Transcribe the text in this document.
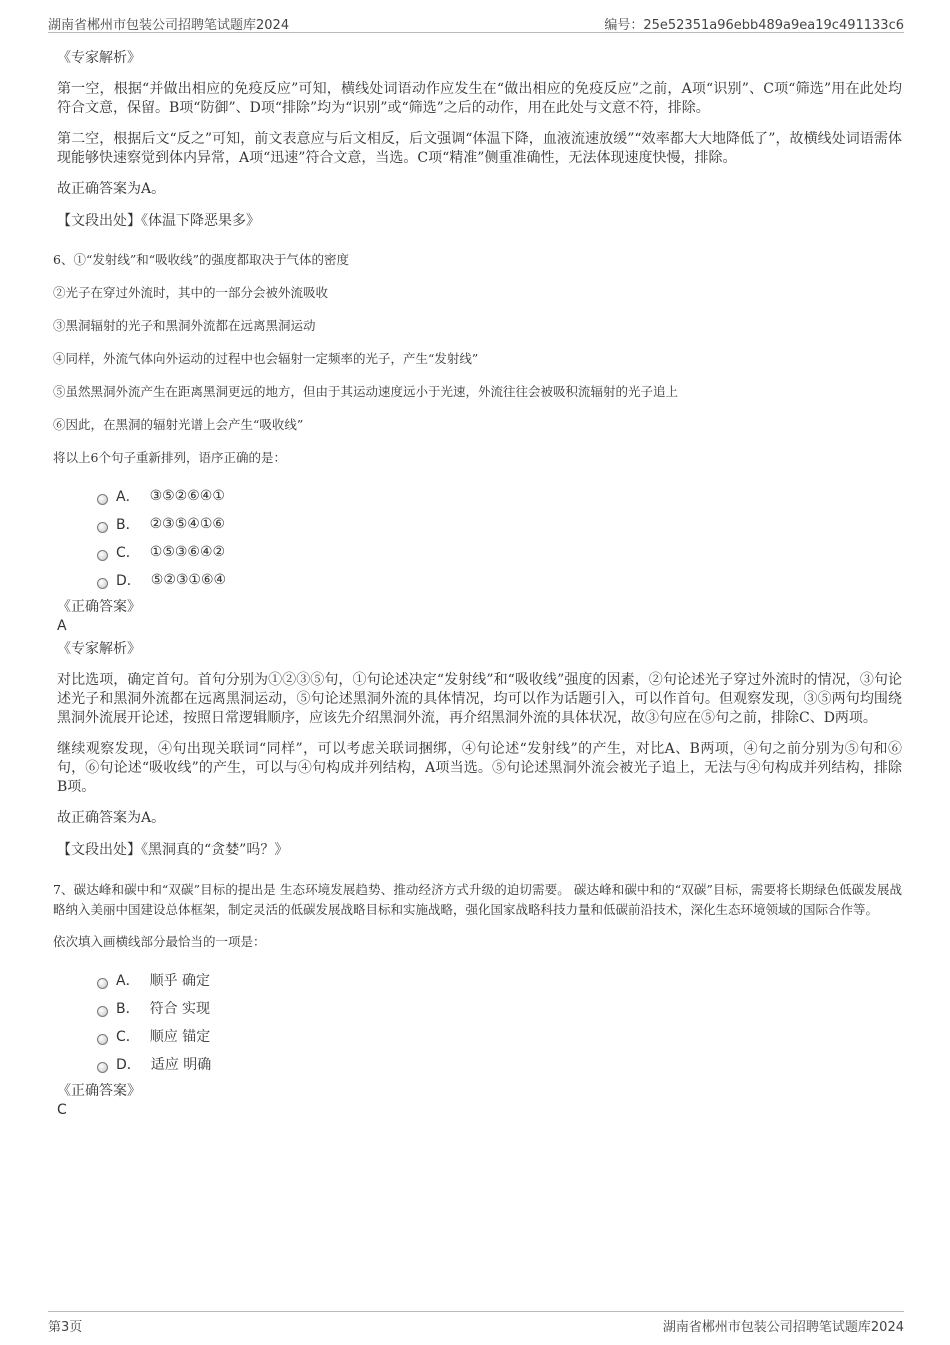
湖南省郴州市包装公司招聘笔试题库2024	编号：25e52351a96ebb489a9ea19c491133c6
《专家解析》

第一空，根据“并做出相应的免疫反应”可知，横线处词语动作应发生在“做出相应的免疫反应”之前，A项“识别”、C项“筛选”用在此处均符合文意，保留。B项“防御”、D项“排除”均为“识别”或“筛选”之后的动作，用在此处与文意不符，排除。

第二空，根据后文“反之”可知，前文表意应与后文相反，后文强调“体温下降，血液流速放缓”“效率都大大地降低了”，故横线处词语需体现能够快速察觉到体内异常，A项“迅速”符合文意，当选。C项“精准”侧重准确性，无法体现速度快慢，排除。

故正确答案为A。

【文段出处】《体温下降恶果多》
6、①“发射线”和“吸收线”的强度都取决于气体的密度
②光子在穿过外流时，其中的一部分会被外流吸收
③黑洞辐射的光子和黑洞外流都在远离黑洞运动
④同样，外流气体向外运动的过程中也会辐射一定频率的光子，产生“发射线”
⑤虽然黑洞外流产生在距离黑洞更远的地方，但由于其运动速度远小于光速，外流往往会被吸积流辐射的光子追上
⑥因此，在黑洞的辐射光谱上会产生“吸收线”
将以上6个句子重新排列，语序正确的是：
A． ③⑤②⑥④①
B． ②③⑤④①⑥
C． ①⑤③⑥④②
D． ⑤②③①⑥④
《正确答案》
A
《专家解析》

对比选项，确定首句。首句分别为①②③⑤句，①句论述决定“发射线”和“吸收线”强度的因素，②句论述光子穿过外流时的情况，③句论述光子和黑洞外流都在远离黑洞运动，⑤句论述黑洞外流的具体情况，均可以作为话题引入，可以作首句。但观察发现，③⑤两句均围绕黑洞外流展开论述，按照日常逻辑顺序，应该先介绍黑洞外流，再介绍黑洞外流的具体状况，故③句应在⑤句之前，排除C、D两项。

继续观察发现，④句出现关联词“同样”，可以考虑关联词捆绑，④句论述“发射线”的产生，对比A、B两项，④句之前分别为⑤句和⑥句，⑥句论述“吸收线”的产生，可以与④句构成并列结构，A项当选。⑤句论述黑洞外流会被光子追上，无法与④句构成并列结构，排除B项。

故正确答案为A。

【文段出处】《黑洞真的“贪婪”吗？》
7、碳达峰和碳中和“双碳”目标的提出是 生态环境发展趋势、推动经济方式升级的迫切需要。 碳达峰和碳中和的“双碳”目标，需要将长期绿色低碳发展战略纳入美丽中国建设总体框架，制定灵活的低碳发展战略目标和实施战略，强化国家战略科技力量和低碳前沿技术，深化生态环境领域的国际合作等。
依次填入画横线部分最恰当的一项是：
A． 顺乎 确定
B． 符合 实现
C． 顺应 锚定
D． 适应 明确
《正确答案》
C
第3页	湖南省郴州市包装公司招聘笔试题库2024
